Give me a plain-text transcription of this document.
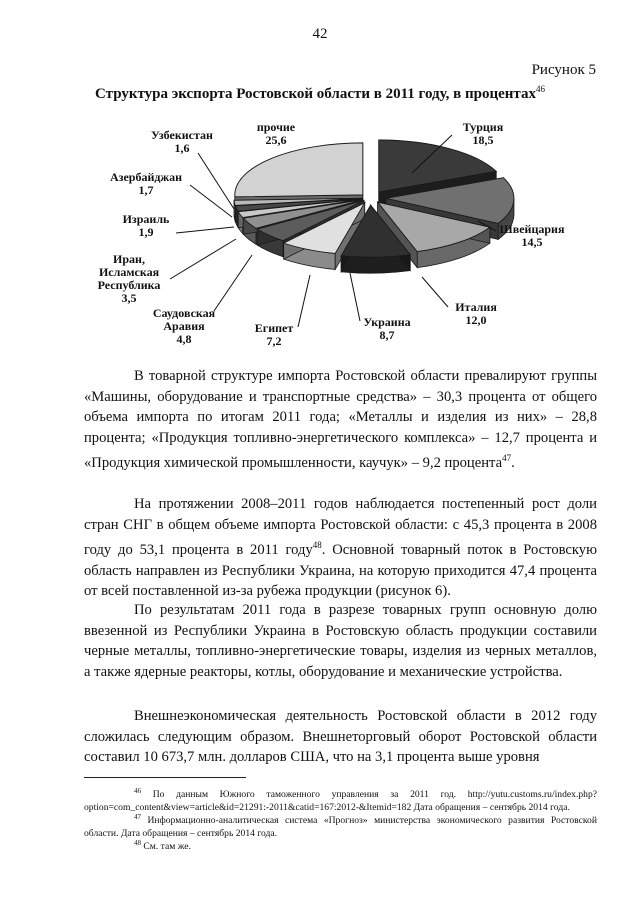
42
Рисунок 5
Структура экспорта Ростовской области в 2011 году, в процентах$^{46}$
Турция 18,5
Швейцария 14,5
Италия 12,0
Украина 8,7
Египет 7,2
Саудовская Аравия 4,8
Иран, Исламская Республика 3,5
Израиль 1,9
Азербайджан 1,7
Узбекистан 1,6
прочие 25,6

В товарной структуре импорта Ростовской области превалируют группы «Машины, оборудование и транспортные средства» – 30,3 процента от общего объема импорта по итогам 2011 года; «Металлы и изделия из них» – 28,8 процента; «Продукция топливно-энергетического комплекса» – 12,7 процента и «Продукция химической промышленности, каучук» – 9,2 процента$^{47}$.

На протяжении 2008–2011 годов наблюдается постепенный рост доли стран СНГ в общем объеме импорта Ростовской области: с 45,3 процента в 2008 году до 53,1 процента в 2011 году$^{48}$. Основной товарный поток в Ростовскую область направлен из Республики Украина, на которую приходится 47,4 процента от всей поставленной из-за рубежа продукции (рисунок 6).

По результатам 2011 года в разрезе товарных групп основную долю ввезенной из Республики Украина в Ростовскую область продукции составили черные металлы, топливно-энергетические товары, изделия из черных металлов, а также ядерные реакторы, котлы, оборудование и механические устройства.

Внешнеэкономическая деятельность Ростовской области в 2012 году сложилась следующим образом. Внешнеторговый оборот Ростовской области составил 10 673,7 млн. долларов США, что на 3,1 процента выше уровня

$^{46}$ По данным Южного таможенного управления за 2011 год. http://yutu.customs.ru/index.php?option=com_content&view=article&id=21291:-2011&catid=167:2012-&Itemid=182 Дата обращения – сентябрь 2014 года.
$^{47}$ Информационно-аналитическая система «Прогноз» министерства экономического развития Ростовской области. Дата обращения – сентябрь 2014 года.
$^{48}$ См. там же.
